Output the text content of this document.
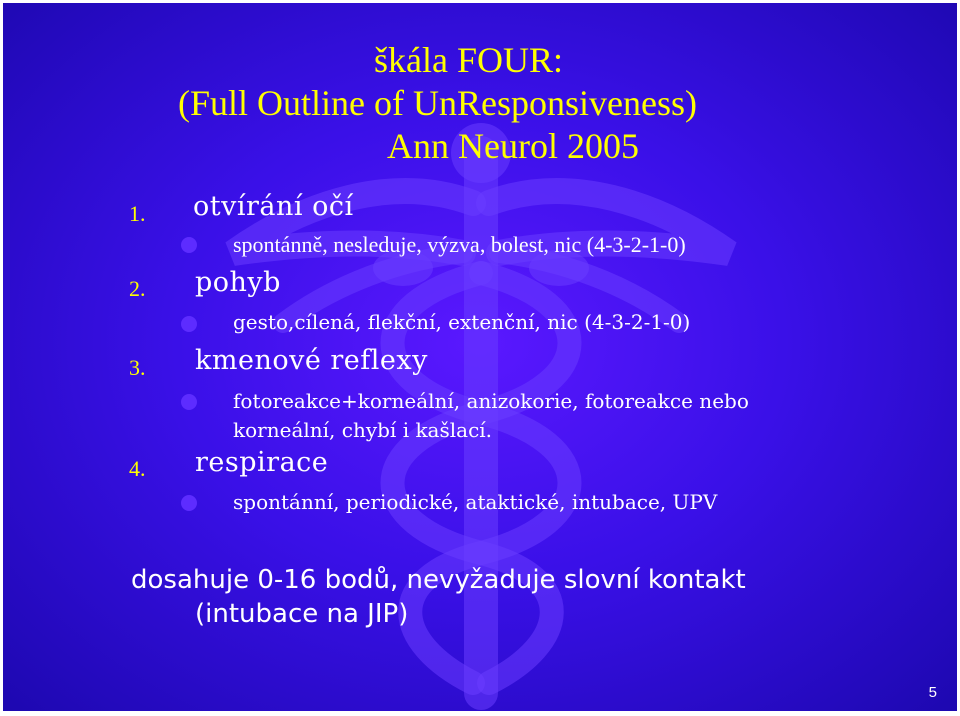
škála FOUR:
(Full Outline of UnResponsiveness)
Ann Neurol 2005
1. otvírání očí
spontánně, nesleduje, výzva, bolest, nic (4-3-2-1-0)
2. pohyb
gesto,cílená, flekční, extenční, nic (4-3-2-1-0)
3. kmenové reflexy
fotoreakce+korneální, anizokorie, fotoreakce nebo
korneální, chybí i kašlací.
4. respirace
spontánní, periodické, ataktické, intubace, UPV
dosahuje 0-16 bodů, nevyžaduje slovní kontakt
(intubace na JIP)
5
